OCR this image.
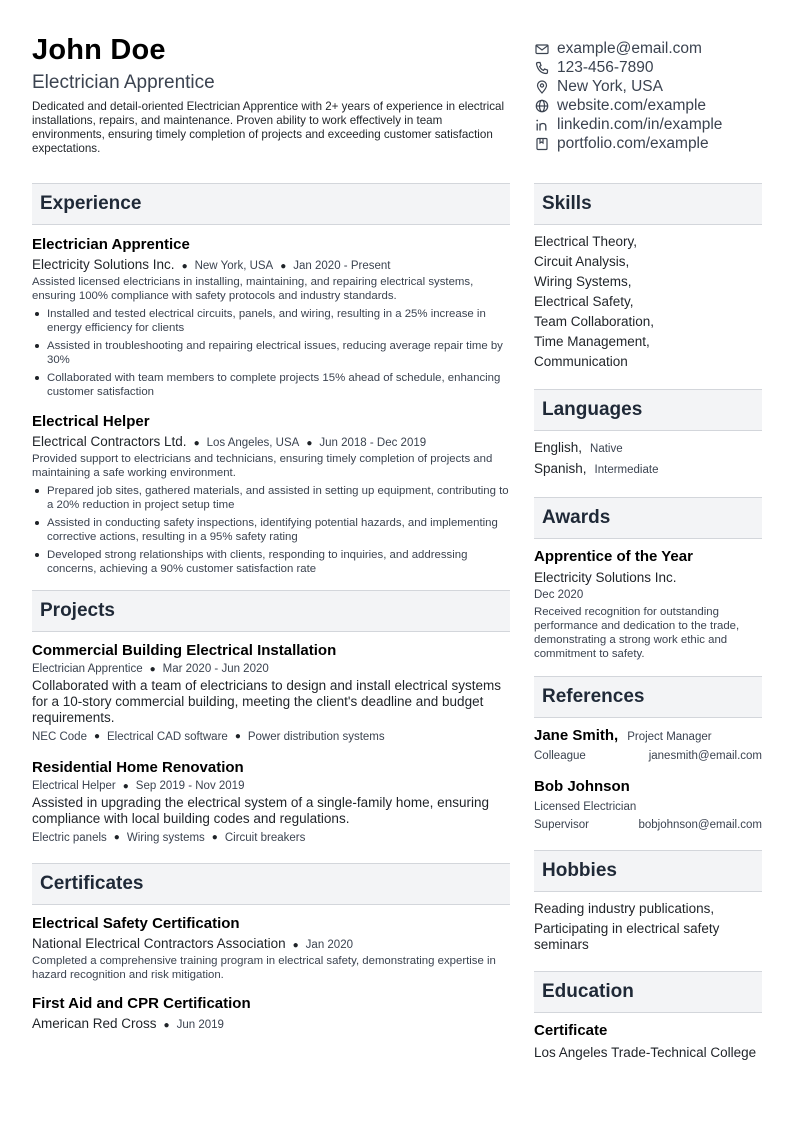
John Doe
Electrician Apprentice
Dedicated and detail-oriented Electrician Apprentice with 2+ years of experience in electrical installations, repairs, and maintenance. Proven ability to work effectively in team environments, ensuring timely completion of projects and exceeding customer satisfaction expectations.
example@email.com
123-456-7890
New York, USA
website.com/example
linkedin.com/in/example
portfolio.com/example
Experience
Electrician Apprentice
Electricity Solutions Inc. ● New York, USA ● Jan 2020 - Present
Assisted licensed electricians in installing, maintaining, and repairing electrical systems, ensuring 100% compliance with safety protocols and industry standards.
Installed and tested electrical circuits, panels, and wiring, resulting in a 25% increase in energy efficiency for clients
Assisted in troubleshooting and repairing electrical issues, reducing average repair time by 30%
Collaborated with team members to complete projects 15% ahead of schedule, enhancing customer satisfaction
Electrical Helper
Electrical Contractors Ltd. ● Los Angeles, USA ● Jun 2018 - Dec 2019
Provided support to electricians and technicians, ensuring timely completion of projects and maintaining a safe working environment.
Prepared job sites, gathered materials, and assisted in setting up equipment, contributing to a 20% reduction in project setup time
Assisted in conducting safety inspections, identifying potential hazards, and implementing corrective actions, resulting in a 95% safety rating
Developed strong relationships with clients, responding to inquiries, and addressing concerns, achieving a 90% customer satisfaction rate
Projects
Commercial Building Electrical Installation
Electrician Apprentice ● Mar 2020 - Jun 2020
Collaborated with a team of electricians to design and install electrical systems for a 10-story commercial building, meeting the client's deadline and budget requirements.
NEC Code ● Electrical CAD software ● Power distribution systems
Residential Home Renovation
Electrical Helper ● Sep 2019 - Nov 2019
Assisted in upgrading the electrical system of a single-family home, ensuring compliance with local building codes and regulations.
Electric panels ● Wiring systems ● Circuit breakers
Certificates
Electrical Safety Certification
National Electrical Contractors Association ● Jan 2020
Completed a comprehensive training program in electrical safety, demonstrating expertise in hazard recognition and risk mitigation.
First Aid and CPR Certification
American Red Cross ● Jun 2019
Skills
Electrical Theory,
Circuit Analysis,
Wiring Systems,
Electrical Safety,
Team Collaboration,
Time Management,
Communication
Languages
English, Native
Spanish, Intermediate
Awards
Apprentice of the Year
Electricity Solutions Inc.
Dec 2020
Received recognition for outstanding performance and dedication to the trade, demonstrating a strong work ethic and commitment to safety.
References
Jane Smith, Project Manager
Colleague	janesmith@email.com
Bob Johnson
Licensed Electrician
Supervisor	bobjohnson@email.com
Hobbies
Reading industry publications,
Participating in electrical safety seminars
Education
Certificate
Los Angeles Trade-Technical College
